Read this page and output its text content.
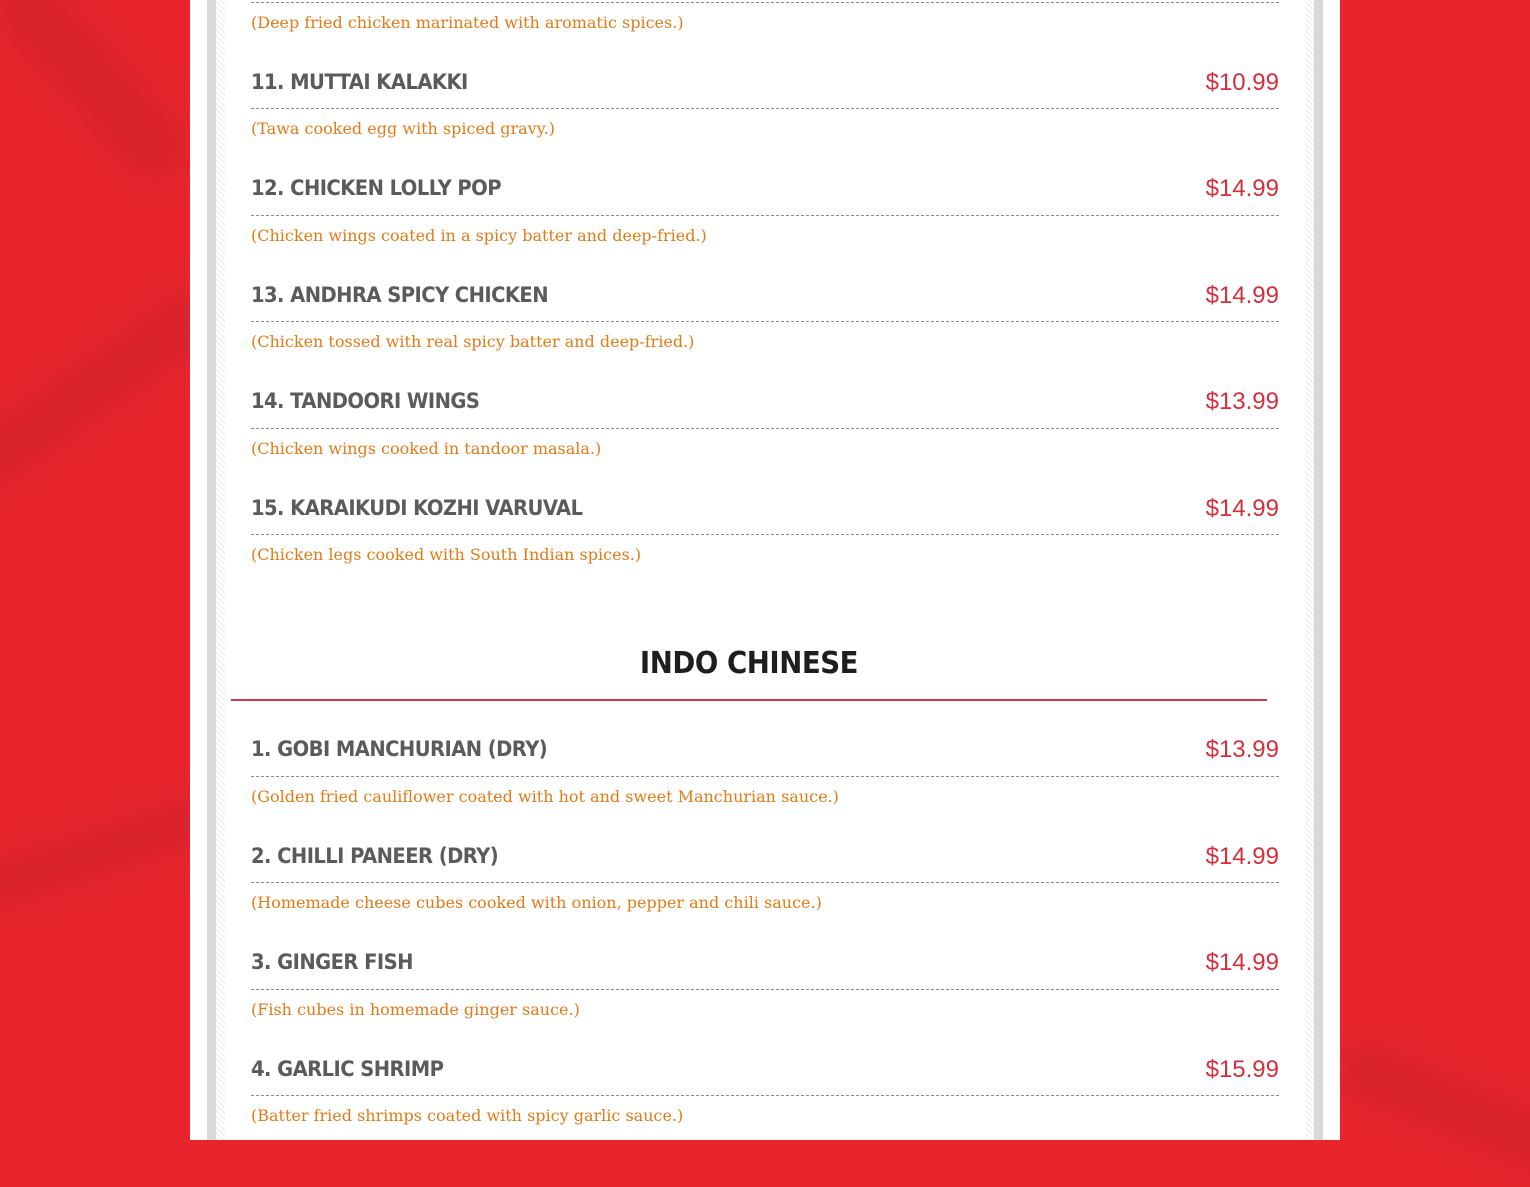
(Deep fried chicken marinated with aromatic spices.)
11. MUTTAI KALAKKI	$10.99
(Tawa cooked egg with spiced gravy.)
12. CHICKEN LOLLY POP	$14.99
(Chicken wings coated in a spicy batter and deep-fried.)
13. ANDHRA SPICY CHICKEN	$14.99
(Chicken tossed with real spicy batter and deep-fried.)
14. TANDOORI WINGS	$13.99
(Chicken wings cooked in tandoor masala.)
15. KARAIKUDI KOZHI VARUVAL	$14.99
(Chicken legs cooked with South Indian spices.)
INDO CHINESE
1. GOBI MANCHURIAN (DRY)	$13.99
(Golden fried cauliflower coated with hot and sweet Manchurian sauce.)
2. CHILLI PANEER (DRY)	$14.99
(Homemade cheese cubes cooked with onion, pepper and chili sauce.)
3. GINGER FISH	$14.99
(Fish cubes in homemade ginger sauce.)
4. GARLIC SHRIMP	$15.99
(Batter fried shrimps coated with spicy garlic sauce.)
